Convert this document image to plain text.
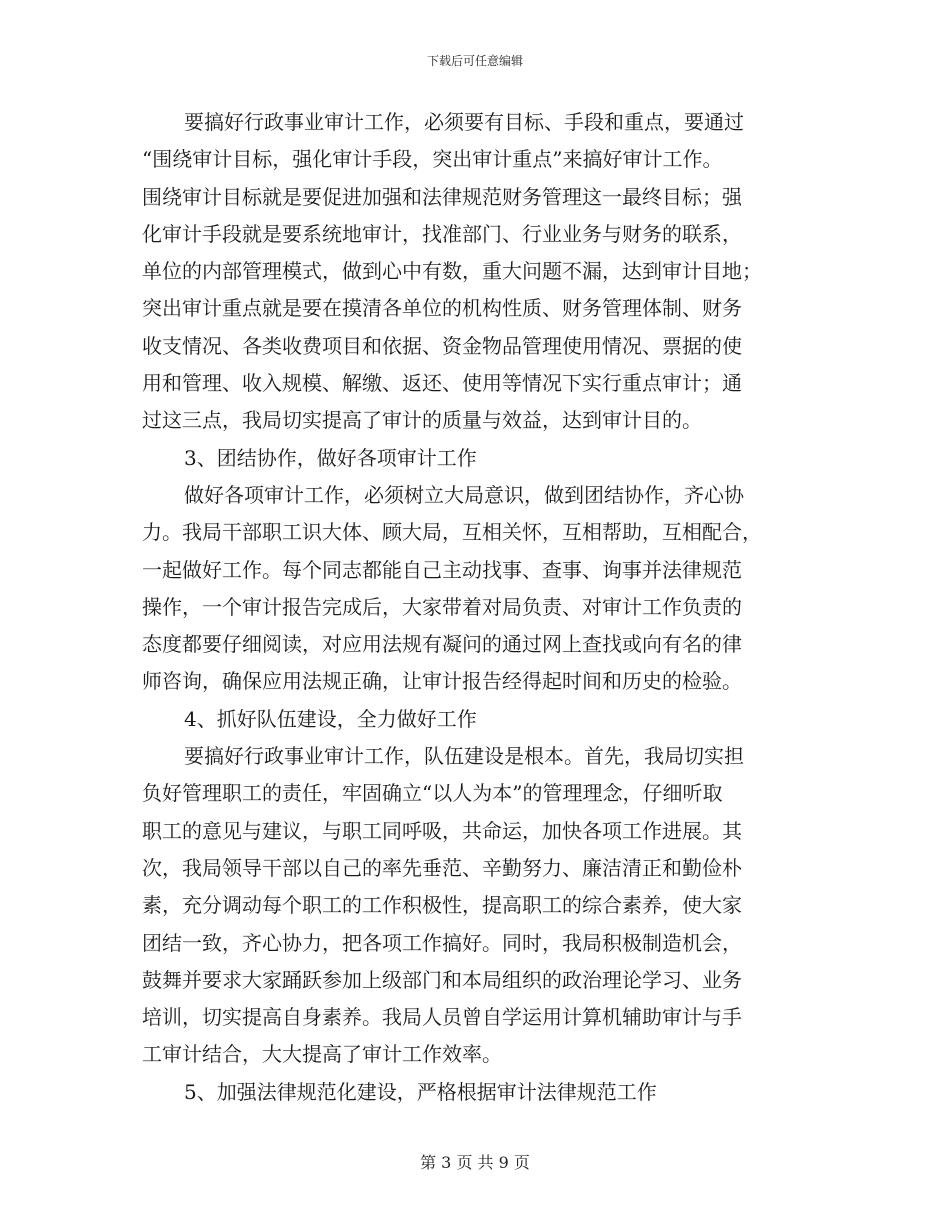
下载后可任意编辑
要搞好行政事业审计工作，必须要有目标、手段和重点，要通过
“围绕审计目标，强化审计手段，突出审计重点”来搞好审计工作。
围绕审计目标就是要促进加强和法律规范财务管理这一最终目标；强
化审计手段就是要系统地审计，找准部门、行业业务与财务的联系，
单位的内部管理模式，做到心中有数，重大问题不漏，达到审计目地；
突出审计重点就是要在摸清各单位的机构性质、财务管理体制、财务
收支情况、各类收费项目和依据、资金物品管理使用情况、票据的使
用和管理、收入规模、解缴、返还、使用等情况下实行重点审计；通
过这三点，我局切实提高了审计的质量与效益，达到审计目的。
3、团结协作，做好各项审计工作
做好各项审计工作，必须树立大局意识，做到团结协作，齐心协
力。我局干部职工识大体、顾大局，互相关怀，互相帮助，互相配合，
一起做好工作。每个同志都能自己主动找事、查事、询事并法律规范
操作，一个审计报告完成后，大家带着对局负责、对审计工作负责的
态度都要仔细阅读，对应用法规有凝问的通过网上查找或向有名的律
师咨询，确保应用法规正确，让审计报告经得起时间和历史的检验。
4、抓好队伍建设，全力做好工作
要搞好行政事业审计工作，队伍建设是根本。首先，我局切实担
负好管理职工的责任，牢固确立“以人为本”的管理理念，仔细听取
职工的意见与建议，与职工同呼吸，共命运，加快各项工作进展。其
次，我局领导干部以自己的率先垂范、辛勤努力、廉洁清正和勤俭朴
素，充分调动每个职工的工作积极性，提高职工的综合素养，使大家
团结一致，齐心协力，把各项工作搞好。同时，我局积极制造机会，
鼓舞并要求大家踊跃参加上级部门和本局组织的政治理论学习、业务
培训，切实提高自身素养。我局人员曾自学运用计算机辅助审计与手
工审计结合，大大提高了审计工作效率。
5、加强法律规范化建设，严格根据审计法律规范工作
第 3 页 共 9 页
